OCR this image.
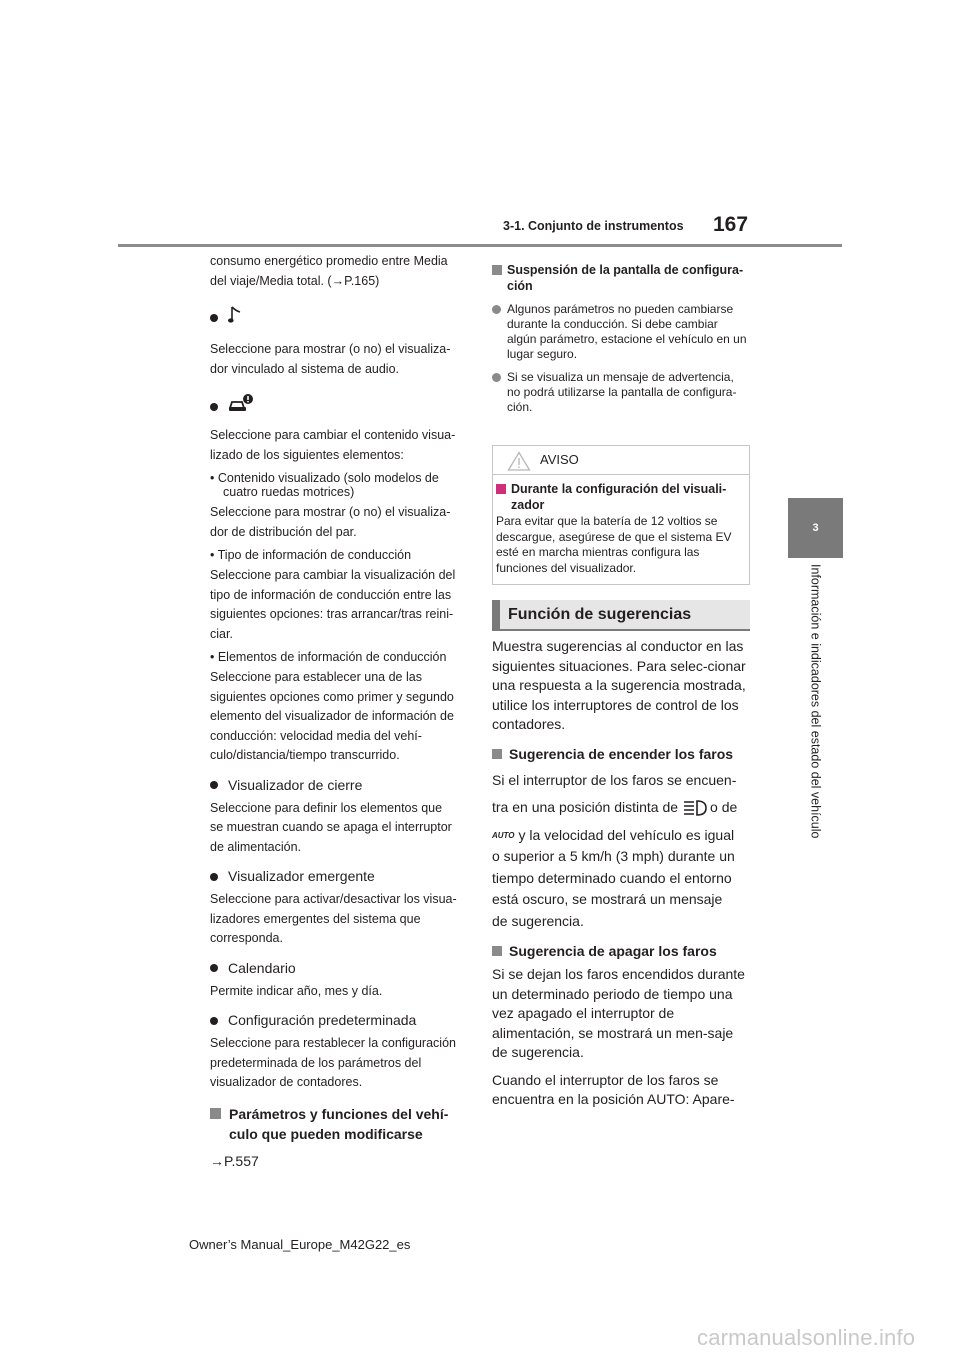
167
3-1. Conjunto de instrumentos
3
Información e indicadores del estado del vehículo
consumo energético promedio entre Media
del viaje/Media total. (→P.165)
Seleccione para mostrar (o no) el visualiza-
dor vinculado al sistema de audio.
Seleccione para cambiar el contenido visua-
lizado de los siguientes elementos:
• Contenido visualizado (solo modelos de cuatro ruedas motrices)
Seleccione para mostrar (o no) el visualiza-
dor de distribución del par.
• Tipo de información de conducción
Seleccione para cambiar la visualización del
tipo de información de conducción entre las
siguientes opciones: tras arrancar/tras reini-
ciar.
• Elementos de información de conducción
Seleccione para establecer una de las
siguientes opciones como primer y segundo
elemento del visualizador de información de
conducción: velocidad media del vehí-
culo/distancia/tiempo transcurrido.
Visualizador de cierre
Seleccione para definir los elementos que
se muestran cuando se apaga el interruptor
de alimentación.
Visualizador emergente
Seleccione para activar/desactivar los visua-
lizadores emergentes del sistema que
corresponda.
Calendario
Permite indicar año, mes y día.
Configuración predeterminada
Seleccione para restablecer la configuración
predeterminada de los parámetros del
visualizador de contadores.
Parámetros y funciones del vehí-
culo que pueden modificarse
→P.557
Suspensión de la pantalla de configura-ción
Algunos parámetros no pueden cambiarse durante la conducción. Si debe cambiar algún parámetro, estacione el vehículo en un lugar seguro.
Si se visualiza un mensaje de advertencia, no podrá utilizarse la pantalla de configura-ción.
AVISO
Durante la configuración del visuali-zador
Para evitar que la batería de 12 voltios se descargue, asegúrese de que el sistema EV esté en marcha mientras configura las funciones del visualizador.
Función de sugerencias
Muestra sugerencias al conductor en las siguientes situaciones. Para selec-cionar una respuesta a la sugerencia mostrada, utilice los interruptores de control de los contadores.
Sugerencia de encender los faros
Si el interruptor de los faros se encuen-
tra en una posición distinta de o de
AUTO y la velocidad del vehículo es igual
o superior a 5 km/h (3 mph) durante un
tiempo determinado cuando el entorno
está oscuro, se mostrará un mensaje
de sugerencia.
Sugerencia de apagar los faros
Si se dejan los faros encendidos durante un determinado periodo de tiempo una vez apagado el interruptor de alimentación, se mostrará un men-saje de sugerencia.
Cuando el interruptor de los faros se encuentra en la posición AUTO: Apare-
Owner’s Manual_Europe_M42G22_es
carmanualsonline.info
